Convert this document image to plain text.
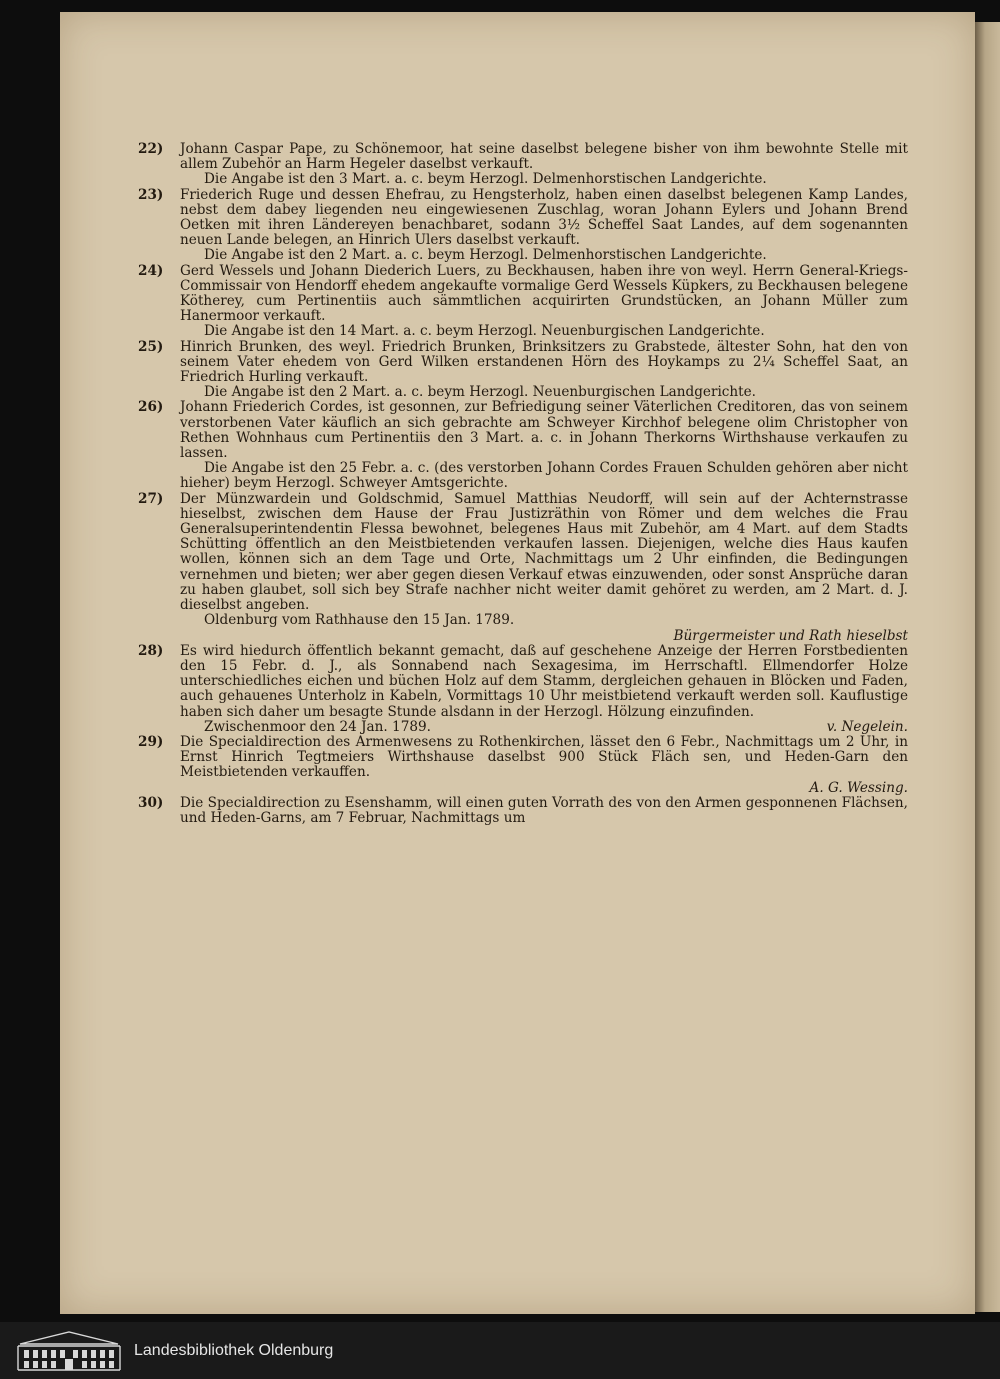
22)	Johann Caspar Pape, zu Schönemoor, hat seine daselbst belegene bisher von ihm bewohnte Stelle mit allem Zubehör an Harm Hegeler daselbst verkauft.
Die Angabe ist den 3 Mart. a. c. beym Herzogl. Delmenhorstischen Landgerichte.

23)	Friederich Ruge und dessen Ehefrau, zu Hengsterholz, haben einen daselbst belegenen Kamp Landes, nebst dem dabey liegenden neu eingewiesenen Zuschlag, woran Johann Eylers und Johann Brend Oetken mit ihren Ländereyen benachbaret, sodann 3½ Scheffel Saat Landes, auf dem sogenannten neuen Lande belegen, an Hinrich Ulers daselbst verkauft.
Die Angabe ist den 2 Mart. a. c. beym Herzogl. Delmenhorstischen Landgerichte.

24)	Gerd Wessels und Johann Diederich Luers, zu Beckhausen, haben ihre von weyl. Herrn General-Kriegs-Commissair von Hendorff ehedem angekaufte vormalige Gerd Wessels Küpkers, zu Beckhausen belegene Kötherey, cum Pertinentiis auch sämmtlichen acquirirten Grundstücken, an Johann Müller zum Hanermoor verkauft.
Die Angabe ist den 14 Mart. a. c. beym Herzogl. Neuenburgischen Landgerichte.

25)	Hinrich Brunken, des weyl. Friedrich Brunken, Brinksitzers zu Grabstede, ältester Sohn, hat den von seinem Vater ehedem von Gerd Wilken erstandenen Hörn des Hoykamps zu 2¼ Scheffel Saat, an Friedrich Hurling verkauft.
Die Angabe ist den 2 Mart. a. c. beym Herzogl. Neuenburgischen Landgerichte.

26)	Johann Friederich Cordes, ist gesonnen, zur Befriedigung seiner Väterlichen Creditoren, das von seinem verstorbenen Vater käuflich an sich gebrachte am Schweyer Kirchhof belegene olim Christopher von Rethen Wohnhaus cum Pertinentiis den 3 Mart. a. c. in Johann Therkorns Wirthshause verkaufen zu lassen.
Die Angabe ist den 25 Febr. a. c. (des verstorben Johann Cordes Frauen Schulden gehören aber nicht hieher) beym Herzogl. Schweyer Amtsgerichte.

27)	Der Münzwardein und Goldschmid, Samuel Matthias Neudorff, will sein auf der Achternstrasse hieselbst, zwischen dem Hause der Frau Justizräthin von Römer und dem welches die Frau Generalsuperintendentin Flessa bewohnet, belegenes Haus mit Zubehör, am 4 Mart. auf dem Stadts Schütting öffentlich an den Meistbietenden verkaufen lassen. Diejenigen, welche dies Haus kaufen wollen, können sich an dem Tage und Orte, Nachmittags um 2 Uhr einfinden, die Bedingungen vernehmen und bieten; wer aber gegen diesen Verkauf etwas einzuwenden, oder sonst Ansprüche daran zu haben glaubet, soll sich bey Strafe nachher nicht weiter damit gehöret zu werden, am 2 Mart. d. J. dieselbst angeben.
Oldenburg vom Rathhause den 15 Jan. 1789.
Bürgermeister und Rath hieselbst

28)	Es wird hiedurch öffentlich bekannt gemacht, daß auf geschehene Anzeige der Herren Forstbedienten den 15 Febr. d. J., als Sonnabend nach Sexagesima, im Herrschaftl. Ellmendorfer Holze unterschiedliches eichen und büchen Holz auf dem Stamm, dergleichen gehauen in Blöcken und Faden, auch gehauenes Unterholz in Kabeln, Vormittags 10 Uhr meistbietend verkauft werden soll. Kauflustige haben sich daher um besagte Stunde alsdann in der Herzogl. Hölzung einzufinden.
Zwischenmoor den 24 Jan. 1789.	v. Negelein.

29)	Die Specialdirection des Armenwesens zu Rothenkirchen, lässet den 6 Febr., Nachmittags um 2 Uhr, in Ernst Hinrich Tegtmeiers Wirthshause daselbst 900 Stück Fläch sen, und Heden-Garn den Meistbietenden verkauffen.
A. G. Wessing.

30)	Die Specialdirection zu Esenshamm, will einen guten Vorrath des von den Armen gesponnenen Flächsen, und Heden-Garns, am 7 Februar, Nachmittags um

Landesbibliothek Oldenburg
